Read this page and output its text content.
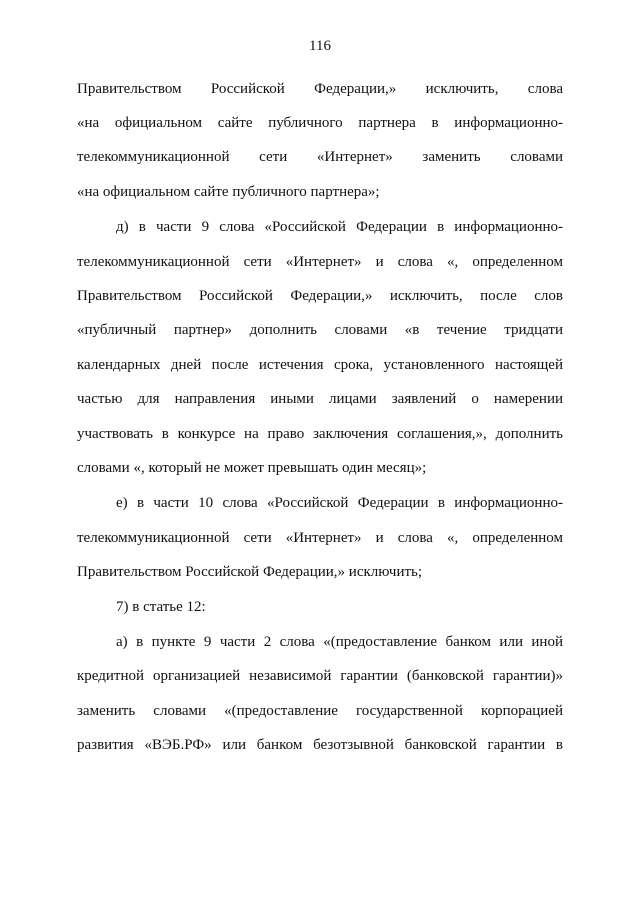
116
Правительством Российской Федерации,» исключить, слова
«на официальном сайте публичного партнера в информационно-
телекоммуникационной сети «Интернет» заменить словами
«на официальном сайте публичного партнера»;
д) в части 9 слова «Российской Федерации в информационно-
телекоммуникационной сети «Интернет» и слова «, определенном
Правительством Российской Федерации,» исключить, после слов
«публичный партнер» дополнить словами «в течение тридцати
календарных дней после истечения срока, установленного настоящей
частью для направления иными лицами заявлений о намерении
участвовать в конкурсе на право заключения соглашения,», дополнить
словами «, который не может превышать один месяц»;
е) в части 10 слова «Российской Федерации в информационно-
телекоммуникационной сети «Интернет» и слова «, определенном
Правительством Российской Федерации,» исключить;
7) в статье 12:
а) в пункте 9 части 2 слова «(предоставление банком или иной
кредитной организацией независимой гарантии (банковской гарантии)»
заменить словами «(предоставление государственной корпорацией
развития «ВЭБ.РФ» или банком безотзывной банковской гарантии в
